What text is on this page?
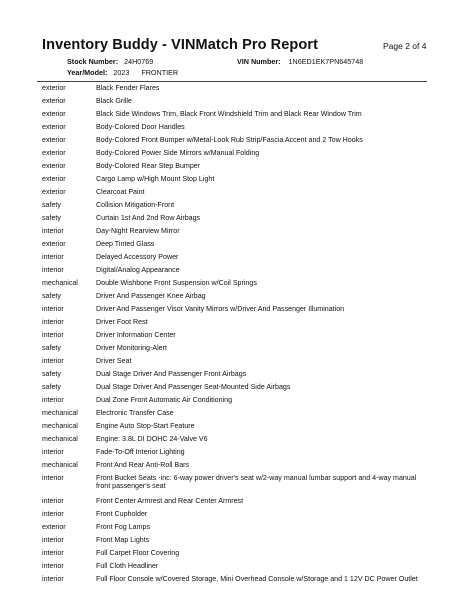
Inventory Buddy - VINMatch Pro Report	Page 2 of 4
Stock Number: 24H0769	VIN Number: 1N6ED1EK7PN645748
Year/Model: 2023 FRONTIER
exterior	Black Fender Flares
exterior	Black Grille
exterior	Black Side Windows Trim, Black Front Windshield Trim and Black Rear Window Trim
exterior	Body-Colored Door Handles
exterior	Body-Colored Front Bumper w/Metal-Look Rub Strip/Fascia Accent and 2 Tow Hooks
exterior	Body-Colored Power Side Mirrors w/Manual Folding
exterior	Body-Colored Rear Step Bumper
exterior	Cargo Lamp w/High Mount Stop Light
exterior	Clearcoat Paint
safety	Collision Mitigation-Front
safety	Curtain 1st And 2nd Row Airbags
interior	Day-Night Rearview Mirror
exterior	Deep Tinted Glass
interior	Delayed Accessory Power
interior	Digital/Analog Appearance
mechanical	Double Wishbone Front Suspension w/Coil Springs
safety	Driver And Passenger Knee Airbag
interior	Driver And Passenger Visor Vanity Mirrors w/Driver And Passenger Illumination
interior	Driver Foot Rest
interior	Driver Information Center
safety	Driver Monitoring-Alert
interior	Driver Seat
safety	Dual Stage Driver And Passenger Front Airbags
safety	Dual Stage Driver And Passenger Seat-Mounted Side Airbags
interior	Dual Zone Front Automatic Air Conditioning
mechanical	Electronic Transfer Case
mechanical	Engine Auto Stop-Start Feature
mechanical	Engine: 3.8L DI DOHC 24-Valve V6
interior	Fade-To-Off Interior Lighting
mechanical	Front And Rear Anti-Roll Bars
interior	Front Bucket Seats -inc: 6-way power driver's seat w/2-way manual lumbar support and 4-way manual front passenger's seat
interior	Front Center Armrest and Rear Center Armrest
interior	Front Cupholder
exterior	Front Fog Lamps
interior	Front Map Lights
interior	Full Carpet Floor Covering
interior	Full Cloth Headliner
interior	Full Floor Console w/Covered Storage, Mini Overhead Console w/Storage and 1 12V DC Power Outlet
